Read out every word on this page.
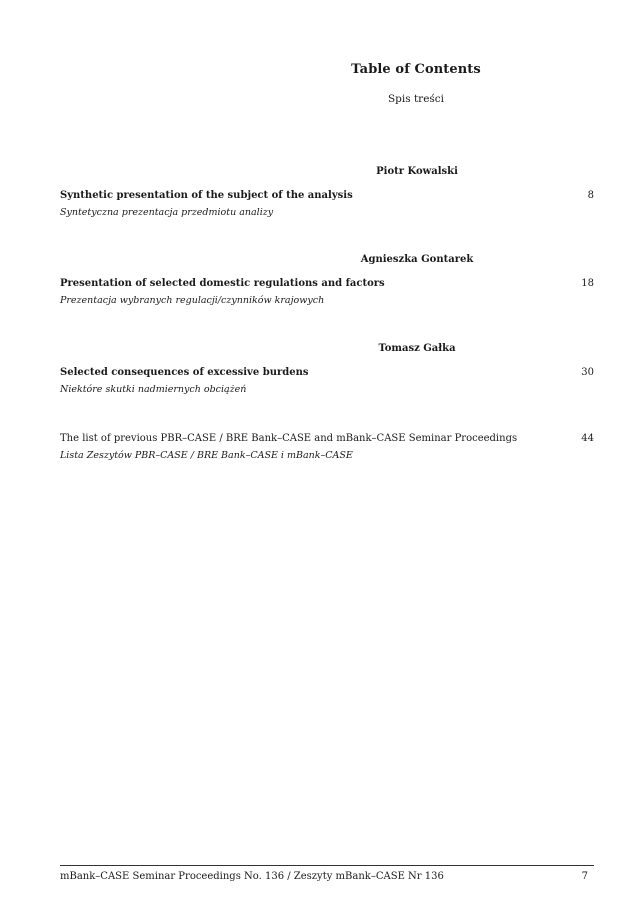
Table of Contents
Spis treści
Piotr Kowalski
Synthetic presentation of the subject of the analysis	8
Syntetyczna prezentacja przedmiotu analizy
Agnieszka Gontarek
Presentation of selected domestic regulations and factors	18
Prezentacja wybranych regulacji/czynników krajowych
Tomasz Gałka
Selected consequences of excessive burdens	30
Niektóre skutki nadmiernych obciążeń
The list of previous PBR–CASE / BRE Bank–CASE and mBank–CASE Seminar Proceedings	44
Lista Zeszytów PBR–CASE / BRE Bank–CASE i mBank–CASE
mBank–CASE Seminar Proceedings No. 136 / Zeszyty mBank–CASE Nr 136	7
